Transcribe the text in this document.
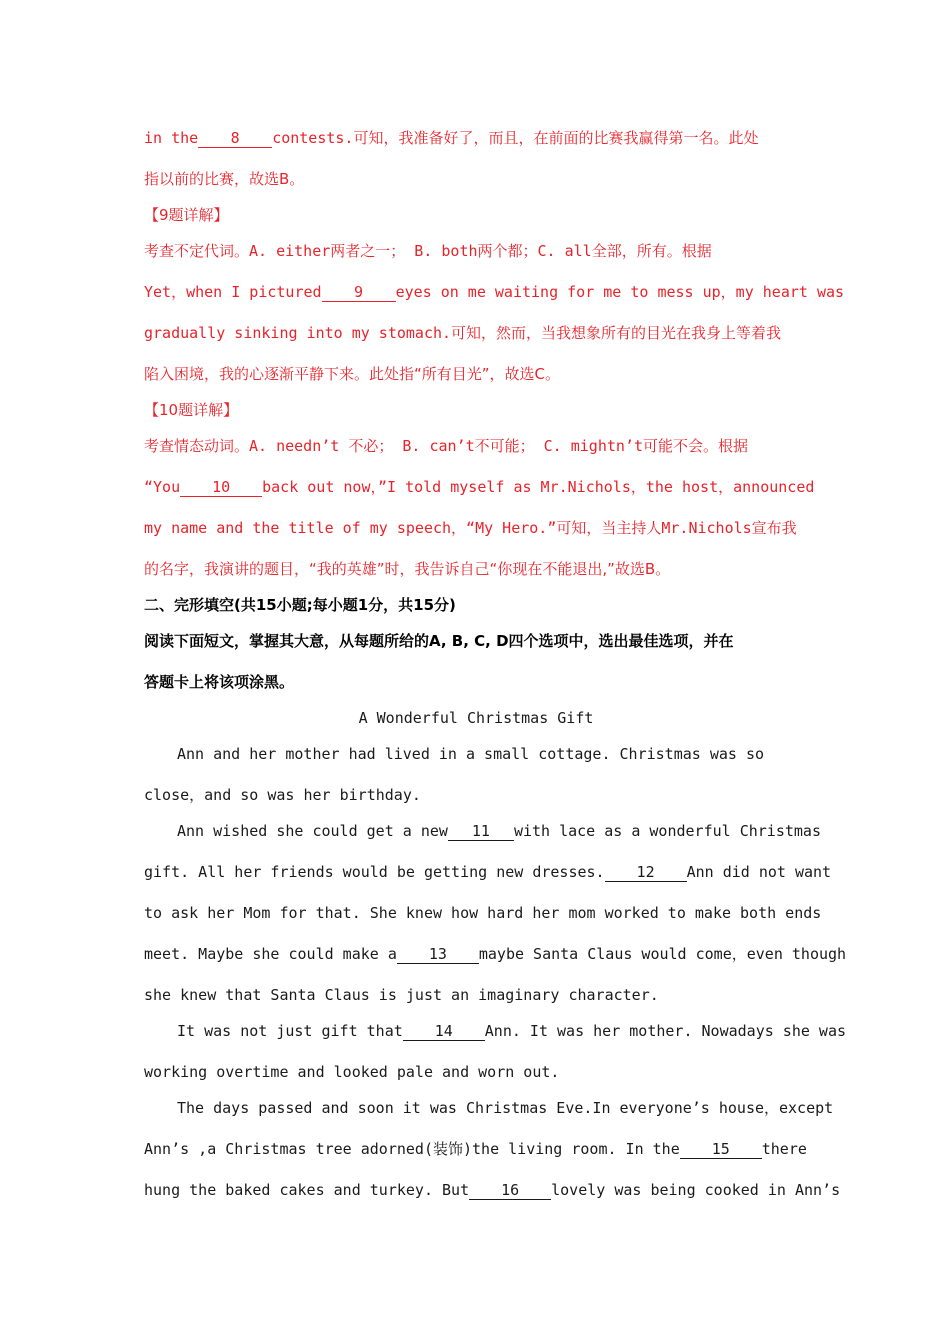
in the 8 contests.可知，我准备好了，而且，在前面的比赛我赢得第一名。此处
指以前的比赛，故选B。
【9题详解】
考查不定代词。A. either两者之一； B. both两个都；C. all全部，所有。根据
Yet，when I pictured 9 eyes on me waiting for me to mess up，my heart was
gradually sinking into my stomach.可知，然而，当我想象所有的目光在我身上等着我
陷入困境，我的心逐渐平静下来。此处指“所有目光”，故选C。
【10题详解】
考查情态动词。A. needn’t 不必； B. can’t不可能； C. mightn’t可能不会。根据
“You 10 back out now，”I told myself as Mr.Nichols，the host，announced
my name and the title of my speech，“My Hero.”可知，当主持人Mr.Nichols宣布我
的名字，我演讲的题目，“我的英雄”时，我告诉自己“你现在不能退出,”故选B。
二、完形填空(共15小题;每小题1分，共15分)
阅读下面短文，掌握其大意，从每题所给的A, B, C, D四个选项中，选出最佳选项，并在
答题卡上将该项涂黑。
A Wonderful Christmas Gift
Ann and her mother had lived in a small cottage. Christmas was so
close，and so was her birthday.
Ann wished she could get a new 11 with lace as a wonderful Christmas
gift. All her friends would be getting new dresses. 12 Ann did not want
to ask her Mom for that. She knew how hard her mom worked to make both ends
meet. Maybe she could make a 13 maybe Santa Claus would come，even though
she knew that Santa Claus is just an imaginary character.
It was not just gift that 14 Ann. It was her mother. Nowadays she was
working overtime and looked pale and worn out.
The days passed and soon it was Christmas Eve.In everyone’s house，except
Ann’s ,a Christmas tree adorned(装饰)the living room. In the 15 there
hung the baked cakes and turkey. But 16 lovely was being cooked in Ann’s
